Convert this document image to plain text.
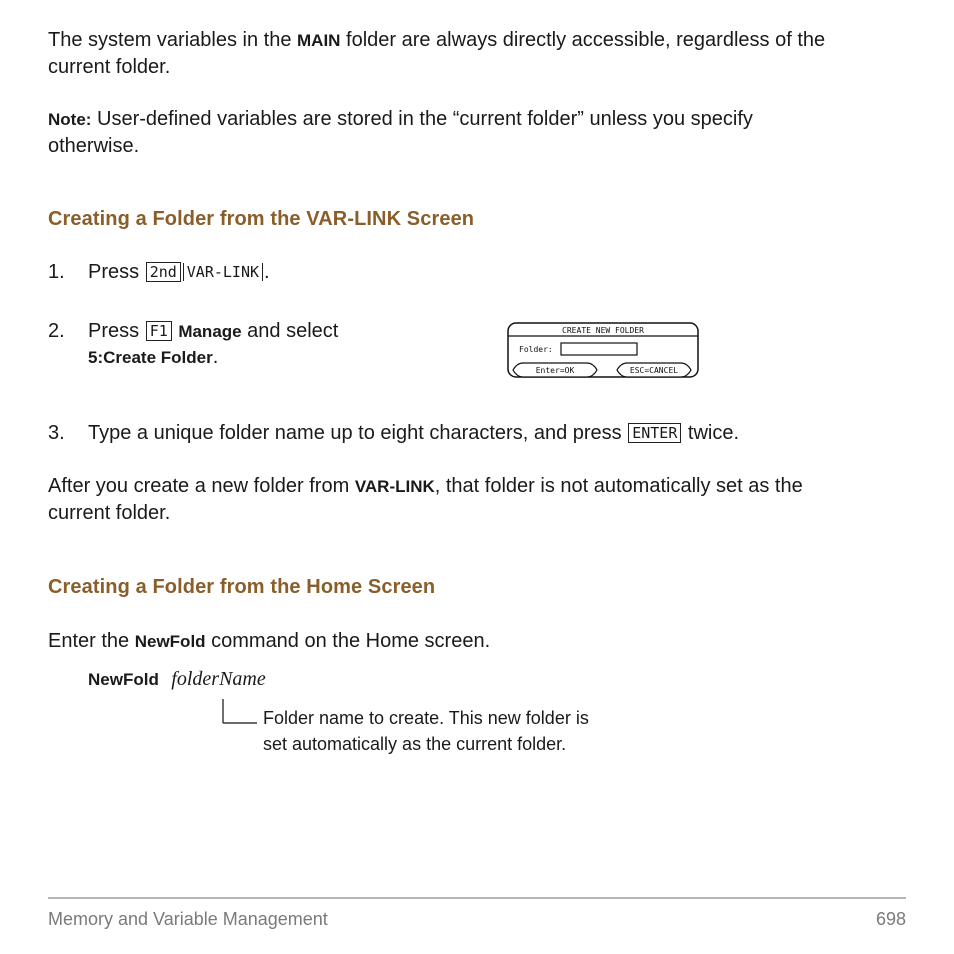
The system variables in the MAIN folder are always directly accessible, regardless of the
current folder.
Note: User-defined variables are stored in the “current folder” unless you specify
otherwise.
Creating a Folder from the VAR-LINK Screen
1. Press 2nd VAR-LINK .
2. Press F1 Manage and select
5:Create Folder.
CREATE NEW FOLDER
Folder:
Enter=OK	ESC=CANCEL
3. Type a unique folder name up to eight characters, and press ENTER twice.
After you create a new folder from VAR-LINK, that folder is not automatically set as the
current folder.
Creating a Folder from the Home Screen
Enter the NewFold command on the Home screen.
NewFold folderName
Folder name to create. This new folder is
set automatically as the current folder.
Memory and Variable Management	698
